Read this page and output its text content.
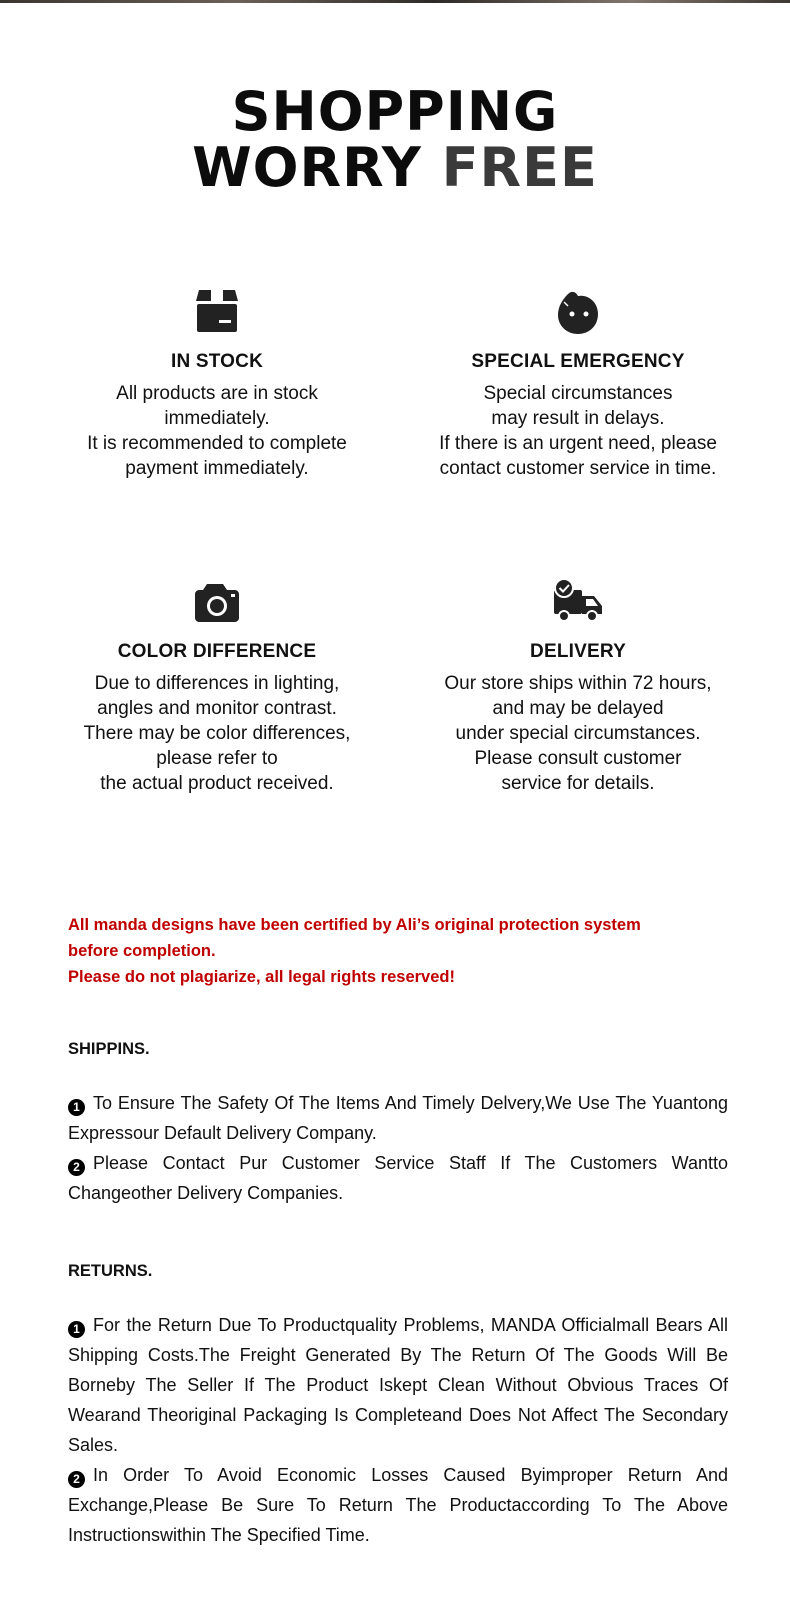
SHOPPING
WORRY FREE
IN STOCK
All products are in stock
immediately.
It is recommended to complete
payment immediately.
SPECIAL EMERGENCY
Special circumstances
may result in delays.
If there is an urgent need, please
contact customer service in time.
COLOR DIFFERENCE
Due to differences in lighting,
angles and monitor contrast.
There may be color differences,
please refer to
the actual product received.
DELIVERY
Our store ships within 72 hours,
and may be delayed
under special circumstances.
Please consult customer
service for details.
All manda designs have been certified by Ali’s original protection system
before completion.
Please do not plagiarize, all legal rights reserved!
SHIPPINS.

1 To Ensure The Safety Of The Items And Timely Delvery,We Use The Yuantong Expressour Default Delivery Company.

2 Please Contact Pur Customer Service Staff If The Customers Wantto Changeother Delivery Companies.

RETURNS.

1 For the Return Due To Productquality Problems, MANDA Officialmall Bears All Shipping Costs.The Freight Generated By The Return Of The Goods Will Be Borneby The Seller If The Product Iskept Clean Without Obvious Traces Of Wearand Theoriginal Packaging Is Completeand Does Not Affect The Secondary Sales.

2 In Order To Avoid Economic Losses Caused Byimproper Return And Exchange,Please Be Sure To Return The Productaccording To The Above Instructionswithin The Specified Time.
